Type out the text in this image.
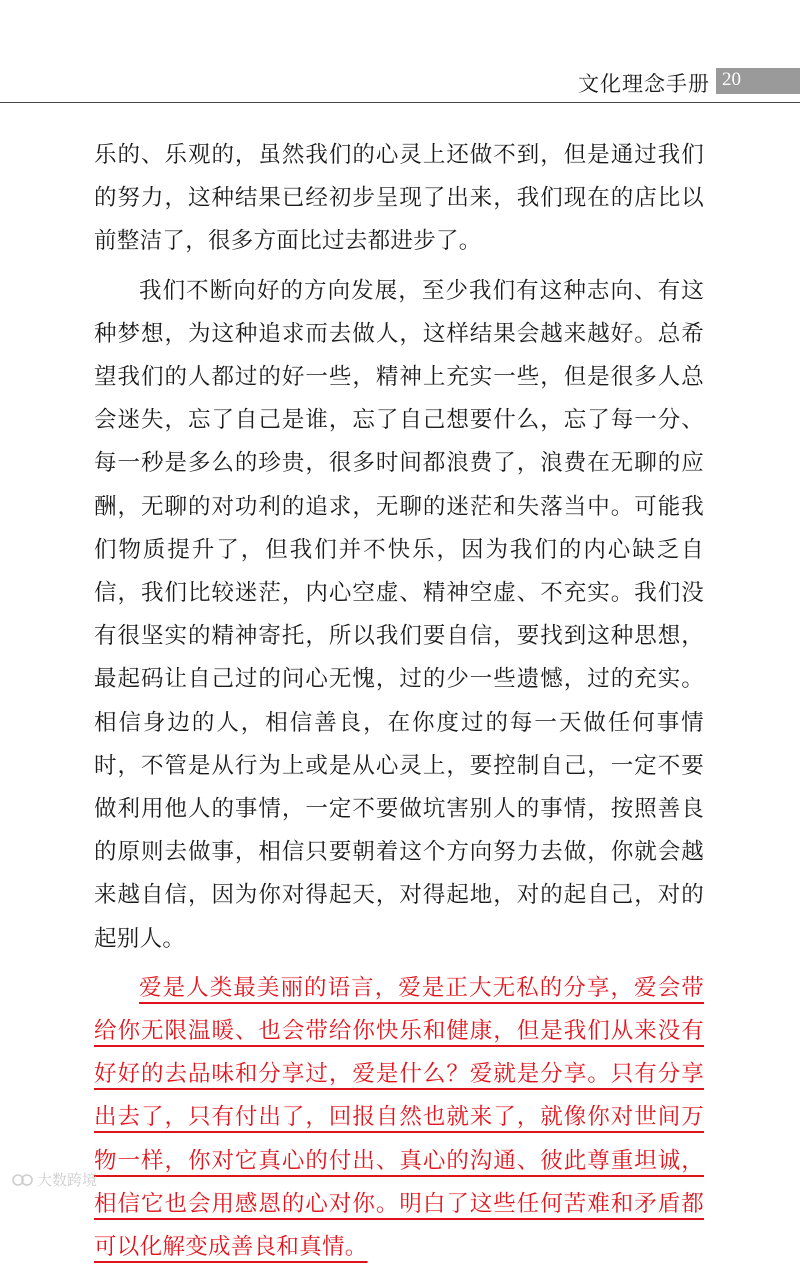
文化理念手册 20

乐的、乐观的，虽然我们的心灵上还做不到，但是通过我们的努力，这种结果已经初步呈现了出来，我们现在的店比以前整洁了，很多方面比过去都进步了。

我们不断向好的方向发展，至少我们有这种志向、有这种梦想，为这种追求而去做人，这样结果会越来越好。总希望我们的人都过的好一些，精神上充实一些，但是很多人总会迷失，忘了自己是谁，忘了自己想要什么，忘了每一分、每一秒是多么的珍贵，很多时间都浪费了，浪费在无聊的应酬，无聊的对功利的追求，无聊的迷茫和失落当中。可能我们物质提升了，但我们并不快乐，因为我们的内心缺乏自信，我们比较迷茫，内心空虚、精神空虚、不充实。我们没有很坚实的精神寄托，所以我们要自信，要找到这种思想，最起码让自己过的问心无愧，过的少一些遗憾，过的充实。相信身边的人，相信善良，在你度过的每一天做任何事情时，不管是从行为上或是从心灵上，要控制自己，一定不要做利用他人的事情，一定不要做坑害别人的事情，按照善良的原则去做事，相信只要朝着这个方向努力去做，你就会越来越自信，因为你对得起天，对得起地，对的起自己，对的起别人。

爱是人类最美丽的语言，爱是正大无私的分享，爱会带给你无限温暖、也会带给你快乐和健康，但是我们从来没有好好的去品味和分享过，爱是什么？爱就是分享。只有分享出去了，只有付出了，回报自然也就来了，就像你对世间万物一样，你对它真心的付出、真心的沟通、彼此尊重坦诚，相信它也会用感恩的心对你。明白了这些任何苦难和矛盾都可以化解变成善良和真情。

大数跨境
